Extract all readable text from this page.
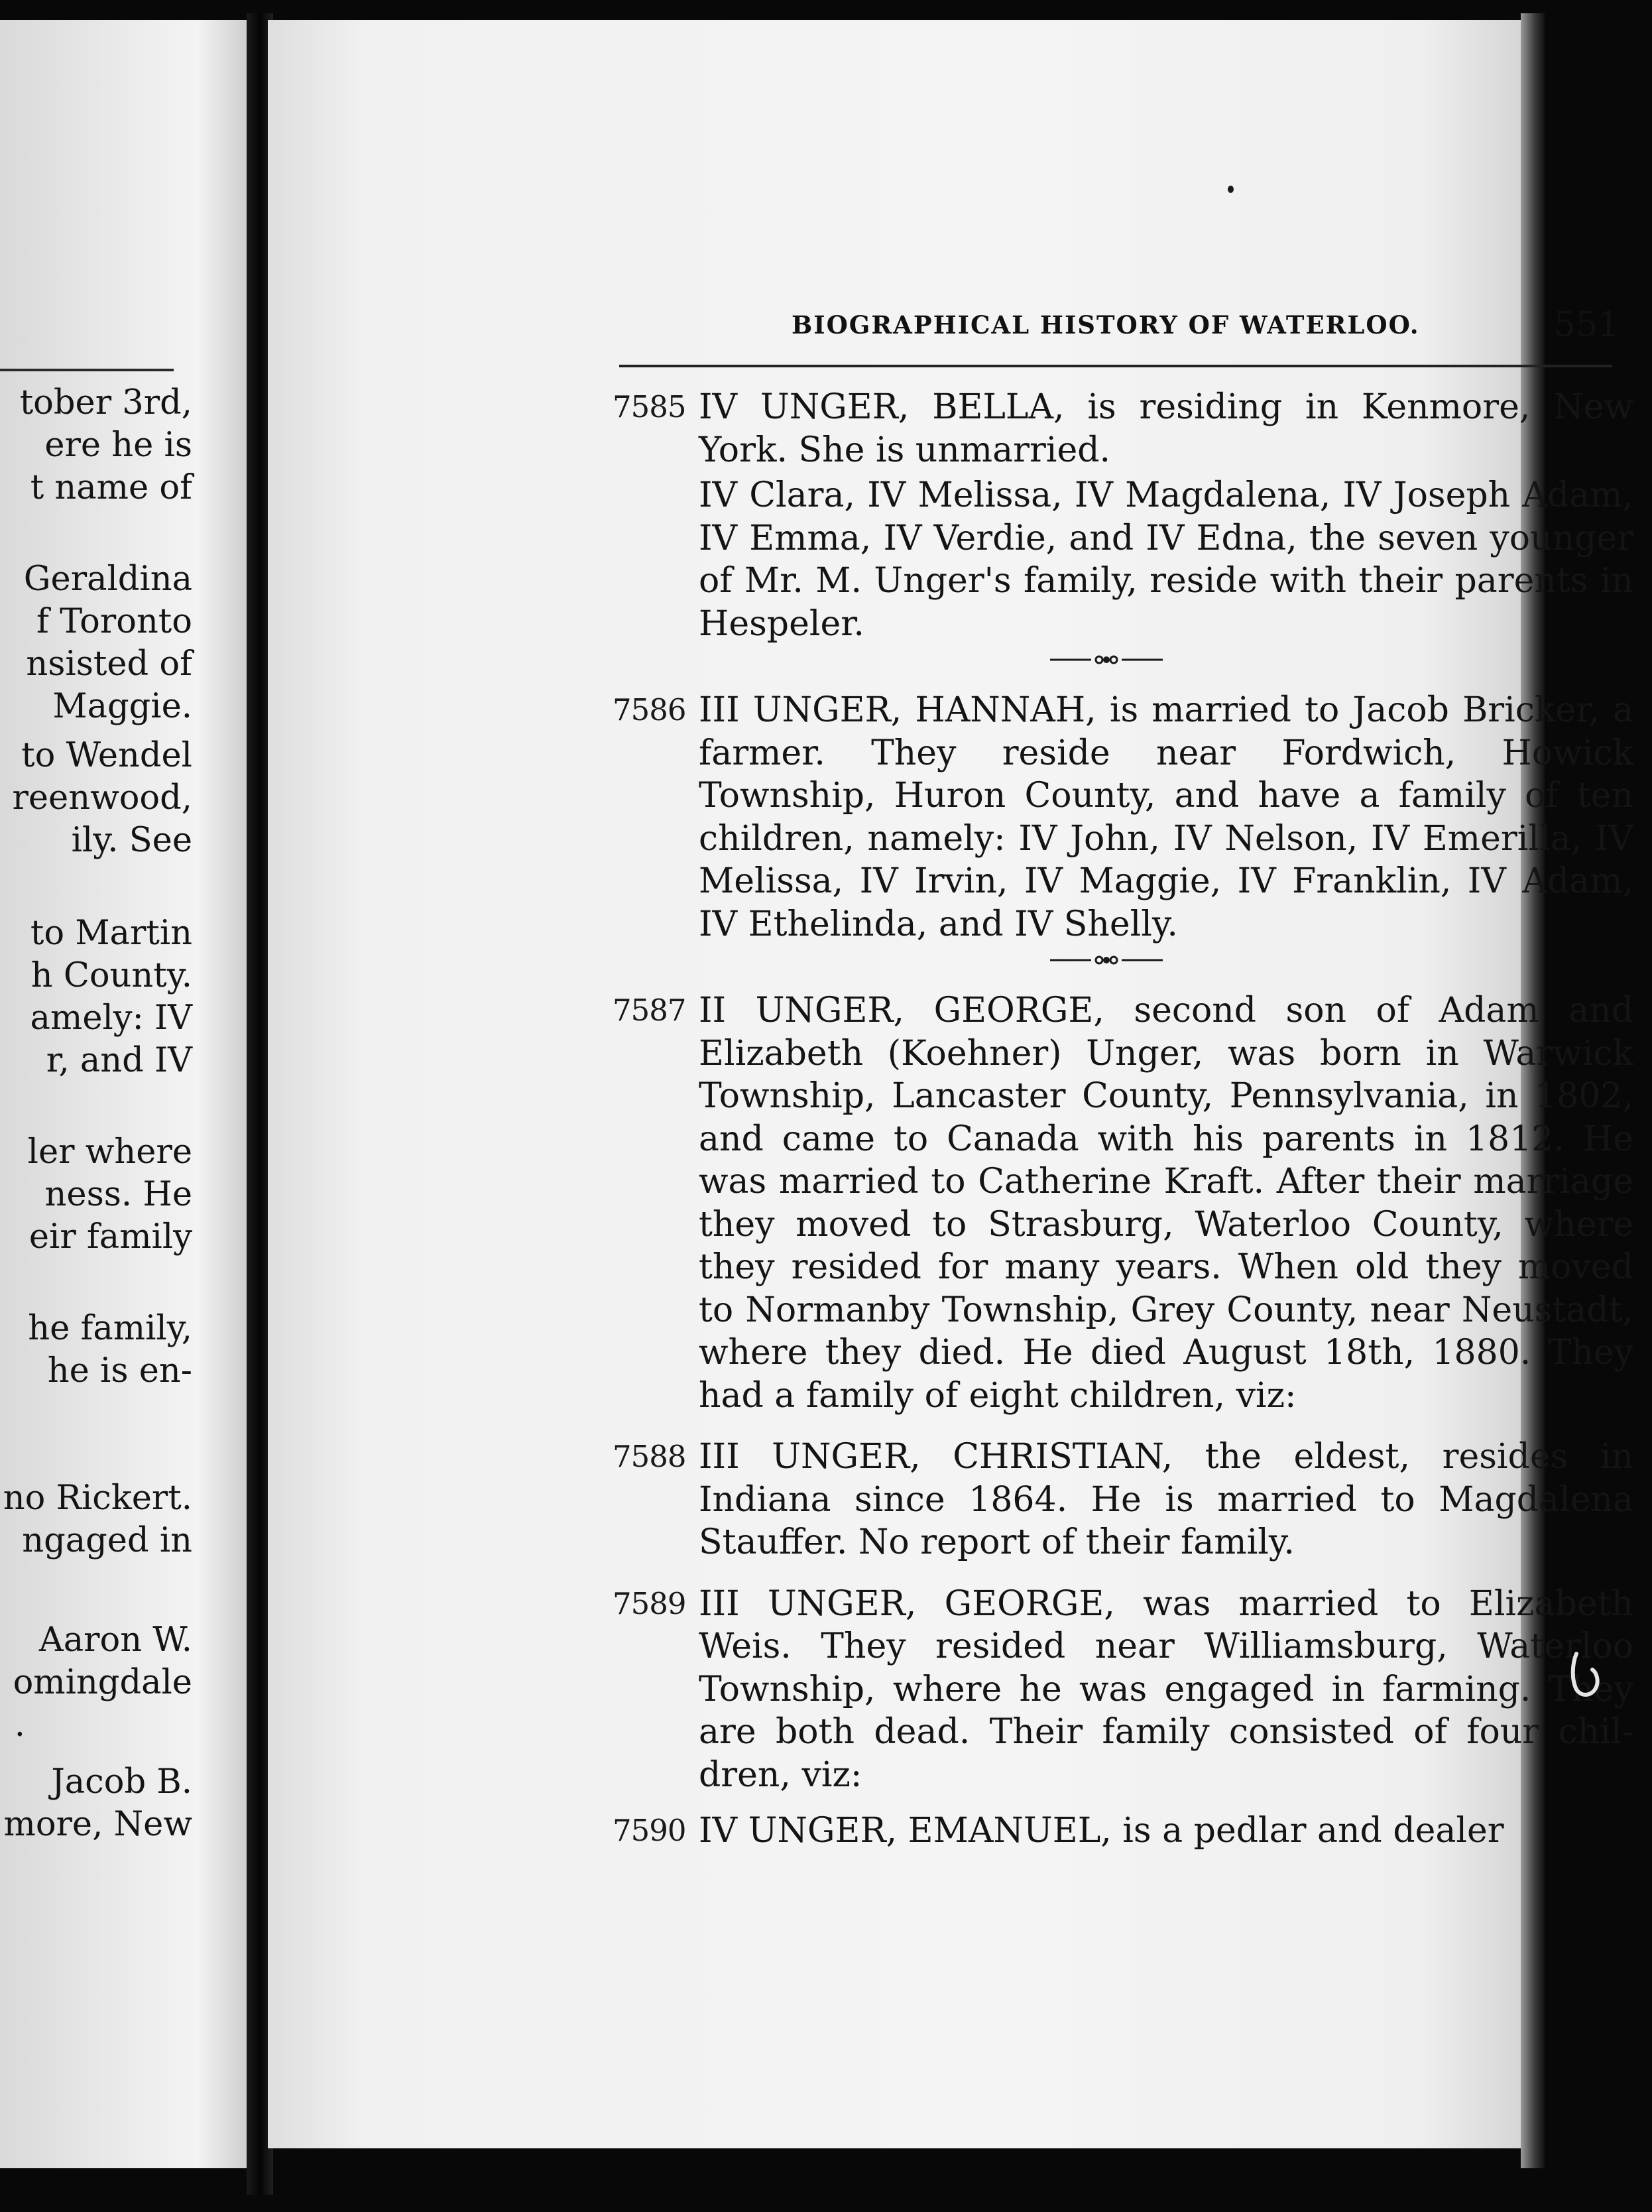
tober 3rd,
ere he is
t name of
Geraldina
f Toronto
nsisted of
Maggie.
to Wendel
reenwood,
ily. See
to Martin
h County.
amely: IV
r, and IV
ler where
ness. He
eir family
he family,
he is en-
no Rickert.
ngaged in
Aaron W.
omingdale
.
Jacob B.
more, New
BIOGRAPHICAL HISTORY OF WATERLOO.	551
7585 IV UNGER, BELLA, is residing in Kenmore, New York. She is unmarried.
IV Clara, IV Melissa, IV Magdalena, IV Joseph Adam, IV Emma, IV Verdie, and IV Edna, the seven younger of Mr. M. Unger's family, reside with their parents in Hespeler.
7586 III UNGER, HANNAH, is married to Jacob Bricker, a farmer. They reside near Fordwich, Howick Township, Huron County, and have a family of ten children, namely: IV John, IV Nelson, IV Emerilla, IV Melissa, IV Irvin, IV Maggie, IV Franklin, IV Adam, IV Ethelinda, and IV Shelly.
7587 II UNGER, GEORGE, second son of Adam and Elizabeth (Koehner) Unger, was born in Warwick Township, Lancaster County, Pennsylvania, in 1802, and came to Canada with his parents in 1812. He was married to Catherine Kraft. After their marriage they moved to Strasburg, Waterloo County, where they resided for many years. When old they moved to Normanby Township, Grey County, near Neustadt, where they died. He died August 18th, 1880. They had a family of eight children, viz:
7588 III UNGER, CHRISTIAN, the eldest, resides in Indiana since 1864. He is married to Magdalena Stauffer. No report of their family.
7589 III UNGER, GEORGE, was married to Elizabeth Weis. They resided near Williamsburg, Waterloo Township, where he was engaged in farming. They are both dead. Their family consisted of four children, viz:
7590 IV UNGER, EMANUEL, is a pedlar and dealer
